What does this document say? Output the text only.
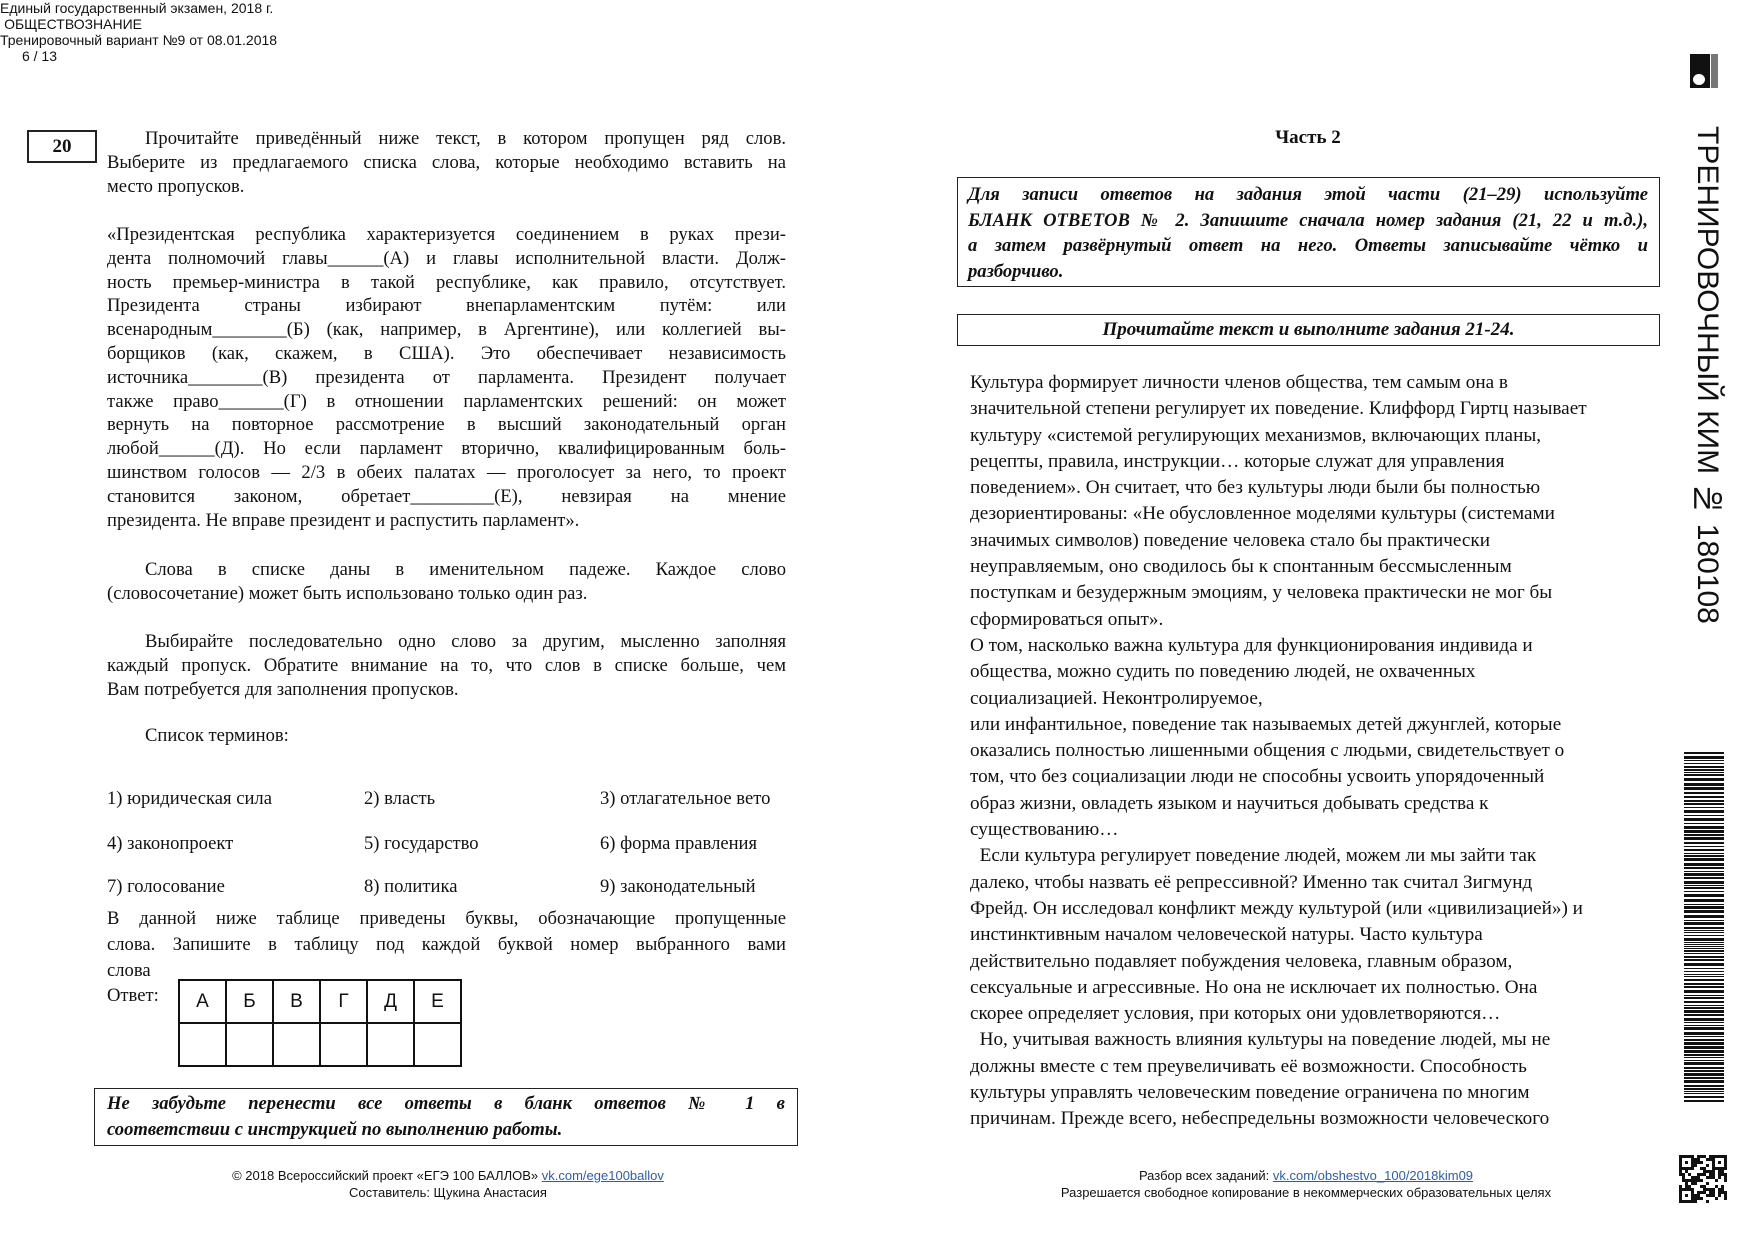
Единый государственный экзамен, 2018 г.
ОБЩЕСТВОЗНАНИЕ
Тренировочный вариант №9 от 08.01.2018
6 / 13
20	Прочитайте приведённый ниже текст, в котором пропущен ряд слов.
Выберите из предлагаемого списка слова, которые необходимо вставить на
место пропусков.
«Президентская республика характеризуется соединением в руках прези-
дента полномочий главы______(А) и главы исполнительной власти. Долж-
ность премьер-министра в такой республике, как правило, отсутствует.
Президента страны избирают внепарламентским путём: или
всенародным________(Б) (как, например, в Аргентине), или коллегией вы-
борщиков (как, скажем, в США). Это обеспечивает независимость
источника________(В) президента от парламента. Президент получает
также право_______(Г) в отношении парламентских решений: он может
вернуть на повторное рассмотрение в высший законодательный орган
любой______(Д). Но если парламент вторично, квалифицированным боль-
шинством голосов — 2/3 в обеих палатах — проголосует за него, то проект
становится законом, обретает_________(Е), невзирая на мнение
президента. Не вправе президент и распустить парламент».
Слова в списке даны в именительном падеже. Каждое слово
(словосочетание) может быть использовано только один раз.
Выбирайте последовательно одно слово за другим, мысленно заполняя
каждый пропуск. Обратите внимание на то, что слов в списке больше, чем
Вам потребуется для заполнения пропусков.
Список терминов:
1) юридическая сила	2) власть	3) отлагательное вето
4) законопроект	5) государство	6) форма правления
7) голосование	8) политика	9) законодательный
В данной ниже таблице приведены буквы, обозначающие пропущенные
слова. Запишите в таблицу под каждой буквой номер выбранного вами
слова
Ответ: А	Б	В	Г	Д	Е

Не забудьте перенести все ответы в бланк ответов № 1 в
соответствии с инструкцией по выполнению работы.
Часть 2
Для записи ответов на задания этой части (21–29) используйте
БЛАНК ОТВЕТОВ № 2. Запишите сначала номер задания (21, 22 и т.д.),
а затем развёрнутый ответ на него. Ответы записывайте чётко и
разборчиво.
Прочитайте текст и выполните задания 21-24.
Культура формирует личности членов общества, тем самым она в
значительной степени регулирует их поведение. Клиффорд Гиртц называет
культуру «системой регулирующих механизмов, включающих планы,
рецепты, правила, инструкции… которые служат для управления
поведением». Он считает, что без культуры люди были бы полностью
дезориентированы: «Не обусловленное моделями культуры (системами
значимых символов) поведение человека стало бы практически
неуправляемым, оно сводилось бы к спонтанным бессмысленным
поступкам и безудержным эмоциям, у человека практически не мог бы
сформироваться опыт».
О том, насколько важна культура для функционирования индивида и
общества, можно судить по поведению людей, не охваченных
социализацией. Неконтролируемое,
или инфантильное, поведение так называемых детей джунглей, которые
оказались полностью лишенными общения с людьми, свидетельствует о
том, что без социализации люди не способны усвоить упорядоченный
образ жизни, овладеть языком и научиться добывать средства к
существованию…
Если культура регулирует поведение людей, можем ли мы зайти так
далеко, чтобы назвать её репрессивной? Именно так считал Зигмунд
Фрейд. Он исследовал конфликт между культурой (или «цивилизацией») и
инстинктивным началом человеческой натуры. Часто культура
действительно подавляет побуждения человека, главным образом,
сексуальные и агрессивные. Но она не исключает их полностью. Она
скорее определяет условия, при которых они удовлетворяются…
Но, учитывая важность влияния культуры на поведение людей, мы не
должны вместе с тем преувеличивать её возможности. Способность
культуры управлять человеческим поведение ограничена по многим
причинам. Прежде всего, небеспредельны возможности человеческого
© 2018 Всероссийский проект «ЕГЭ 100 БАЛЛОВ» vk.com/ege100ballov
Составитель: Щукина Анастасия
Разбор всех заданий: vk.com/obshestvo_100/2018kim09
Разрешается свободное копирование в некоммерческих образовательных целях
ТРЕНИРОВОЧНЫЙ КИМ № 180108
